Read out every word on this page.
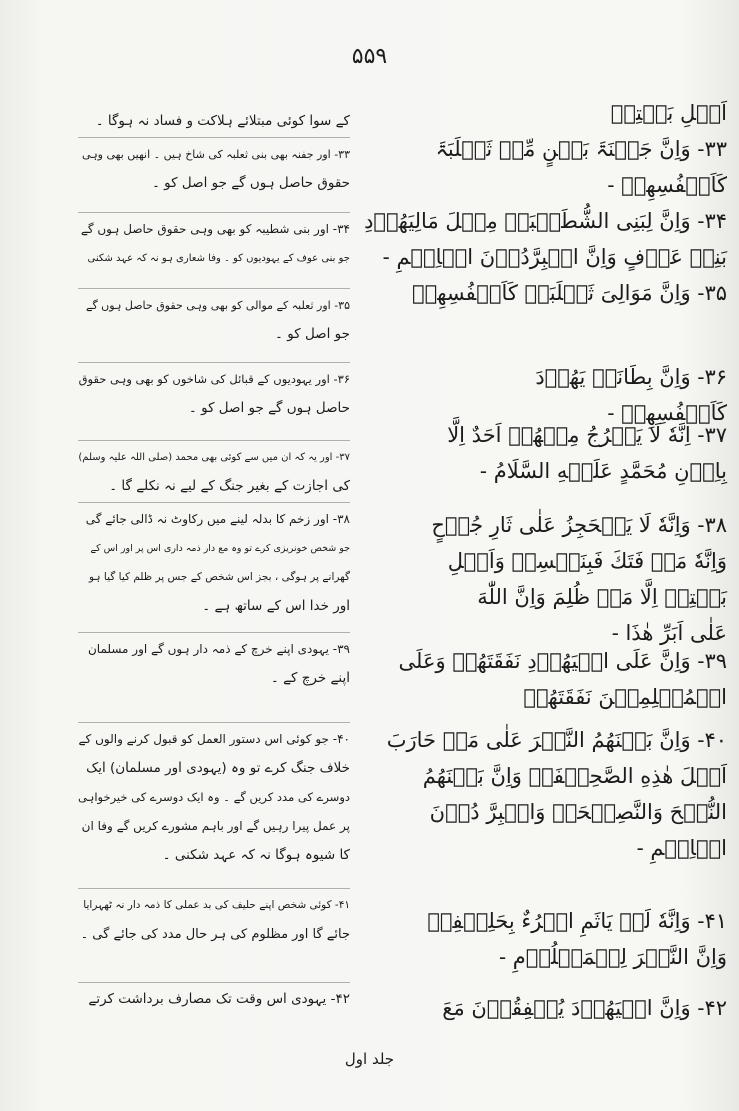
۵۵۹
اَهۡلِ بَیۡتِهٖ
۳۳- وَاِنَّ جَفۡنَۃَ بَطۡنٍ مِّنۡ ثَعۡلَبَۃَ
کَاَنۡفُسِهِمۡ -
۳۴- وَاِنَّ لِبَنِی الشُّطَیۡبَۃِ مِثۡلَ مَالِیَهُوۡدِ
بَنِیۡ عَوۡفٍ وَاِنَّ الۡبِرَّدُوۡنَ الۡاِثۡمِ -
۳۵- وَاِنَّ مَوَالِیَ ثَعۡلَبَۃَ کَاَنۡفُسِهِمۡ
۳۶- وَاِنَّ بِطَانَۃَ یَهُوۡدَ
کَاَنۡفُسِهِمۡ -
۳۷- اِنَّهٗ لَا یَخۡرُجُ مِنۡهُمۡ اَحَدٌ اِلَّا
بِاِذۡنِ مُحَمَّدٍ عَلَیۡهِ السَّلَامُ -
۳۸- وَاِنَّهٗ لَا یَنۡحَجِزُ عَلٰی ثَارِ جُرۡحٍ
وَاِنَّهٗ مَنۡ فَتَكَ فَبِنَفۡسِهٖ وَاَهۡلِ
بَیۡتِهٖ اِلَّا مَنۡ ظُلِمَ وَاِنَّ اللّٰهَ
عَلٰی اَبَرِّ هٰذَا -
۳۹- وَاِنَّ عَلَی الۡیَهُوۡدِ نَفَقَتَهُمۡ وَعَلَی
الۡمُسۡلِمِیۡنَ نَفَقَتَهُمۡ
۴۰- وَاِنَّ بَیۡنَهُمُ النَّصۡرَ عَلٰی مَنۡ حَارَبَ
اَهۡلَ هٰذِهِ الصَّحِیۡفَۃِ وَاِنَّ بَیۡنَهُمُ
النُّصۡحَ وَالنَّصِیۡحَۃَ وَالۡبِرَّ دُوۡنَ
الۡاِثۡمِ -
۴۱- وَاِنَّهٗ لَمۡ یَاثَمِ امۡرُءٌ بِحَلِیۡفِهٖ
وَاِنَّ النَّصۡرَ لِلۡمَظۡلُوۡمِ -
۴۲- وَاِنَّ الۡیَهُوۡدَ یُنۡفِقُوۡنَ مَعَ
کے سوا کوئی مبتلائے ہلاکت و فساد نہ ہوگا ۔
۳۳- اور جفنہ بھی بنی ثعلبہ کی شاخ ہیں ۔ انھیں بھی وہی
حقوق حاصل ہوں گے جو اصل کو ۔
۳۴- اور بنی شطیبہ کو بھی وہی حقوق حاصل ہوں گے
جو بنی عوف کے یہودیوں کو ۔ وفا شعاری ہو نہ کہ عہد شکنی
۳۵- اور ثعلبہ کے موالی کو بھی وہی حقوق حاصل ہوں گے
جو اصل کو ۔
۳۶- اور یہودیوں کے قبائل کی شاخوں کو بھی وہی حقوق
حاصل ہوں گے جو اصل کو ۔
۳۷- اور یہ کہ ان میں سے کوئی بھی محمد (صلی اللہ علیہ وسلم)
کی اجازت کے بغیر جنگ کے لیے نہ نکلے گا ۔
۳۸- اور زخم کا بدلہ لینے میں رکاوٹ نہ ڈالی جائے گی
جو شخص خونریزی کرے تو وہ مع دار ذمہ داری اس پر اور اس کے
گھرانے پر ہوگی ، بجز اس شخص کے جس پر ظلم کیا گیا ہو
اور خدا اس کے ساتھ ہے ۔
۳۹- یہودی اپنے خرچ کے ذمہ دار ہوں گے اور مسلمان
اپنے خرچ کے ۔
۴۰- جو کوئی اس دستور العمل کو قبول کرنے والوں کے
خلاف جنگ کرے تو وہ (یہودی اور مسلمان) ایک
دوسرے کی مدد کریں گے ۔ وہ ایک دوسرے کی خیرخواہی
پر عمل پیرا رہیں گے اور باہم مشورے کریں گے وفا ان
کا شیوہ ہوگا نہ کہ عہد شکنی ۔
۴۱- کوئی شخص اپنے حلیف کی بد عملی کا ذمہ دار نہ ٹھہرایا
جائے گا اور مظلوم کی ہر حال مدد کی جائے گی ۔
۴۲- یہودی اس وقت تک مصارف برداشت کرتے
جلد اول
